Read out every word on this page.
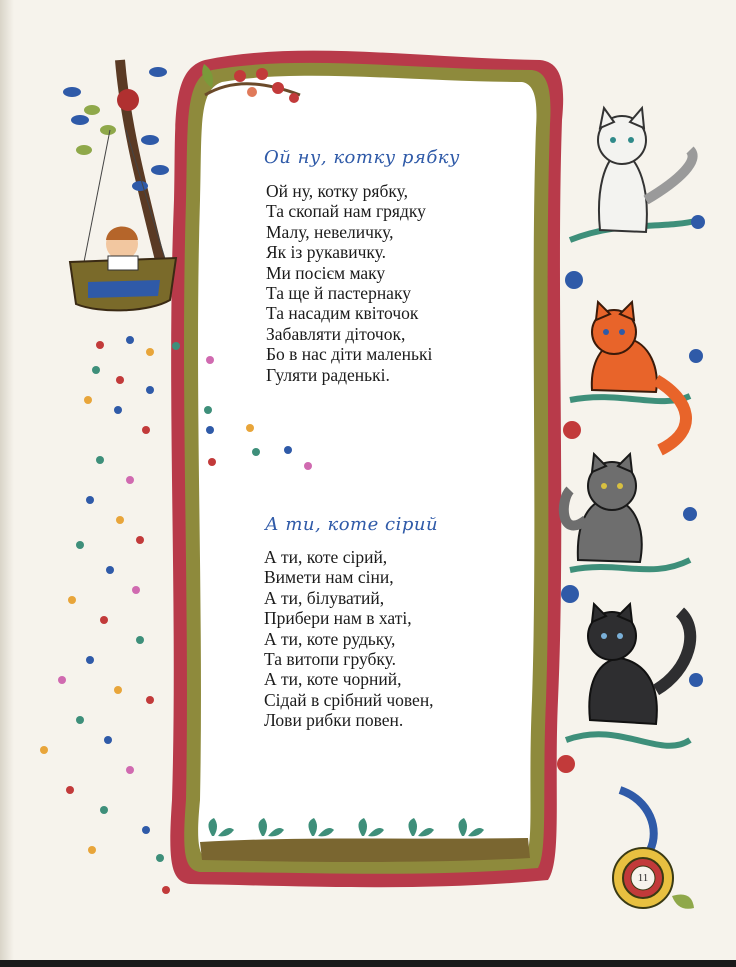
Ой ну, котку рябку
Ой ну, котку рябку,
Та скопай нам грядку
Малу, невеличку,
Як із рукавичку.
Ми посієм маку
Та ще й пастернаку
Та насадим квіточок
Забавляти діточок,
Бо в нас діти маленькі
Гуляти раденькі.
А ти, коте сірий
А ти, коте сірий,
Вимети нам сіни,
А ти, білуватий,
Прибери нам в хаті,
А ти, коте рудьку,
Та витопи грубку.
А ти, коте чорний,
Сідай в срібний човен,
Лови рибки повен.
11
